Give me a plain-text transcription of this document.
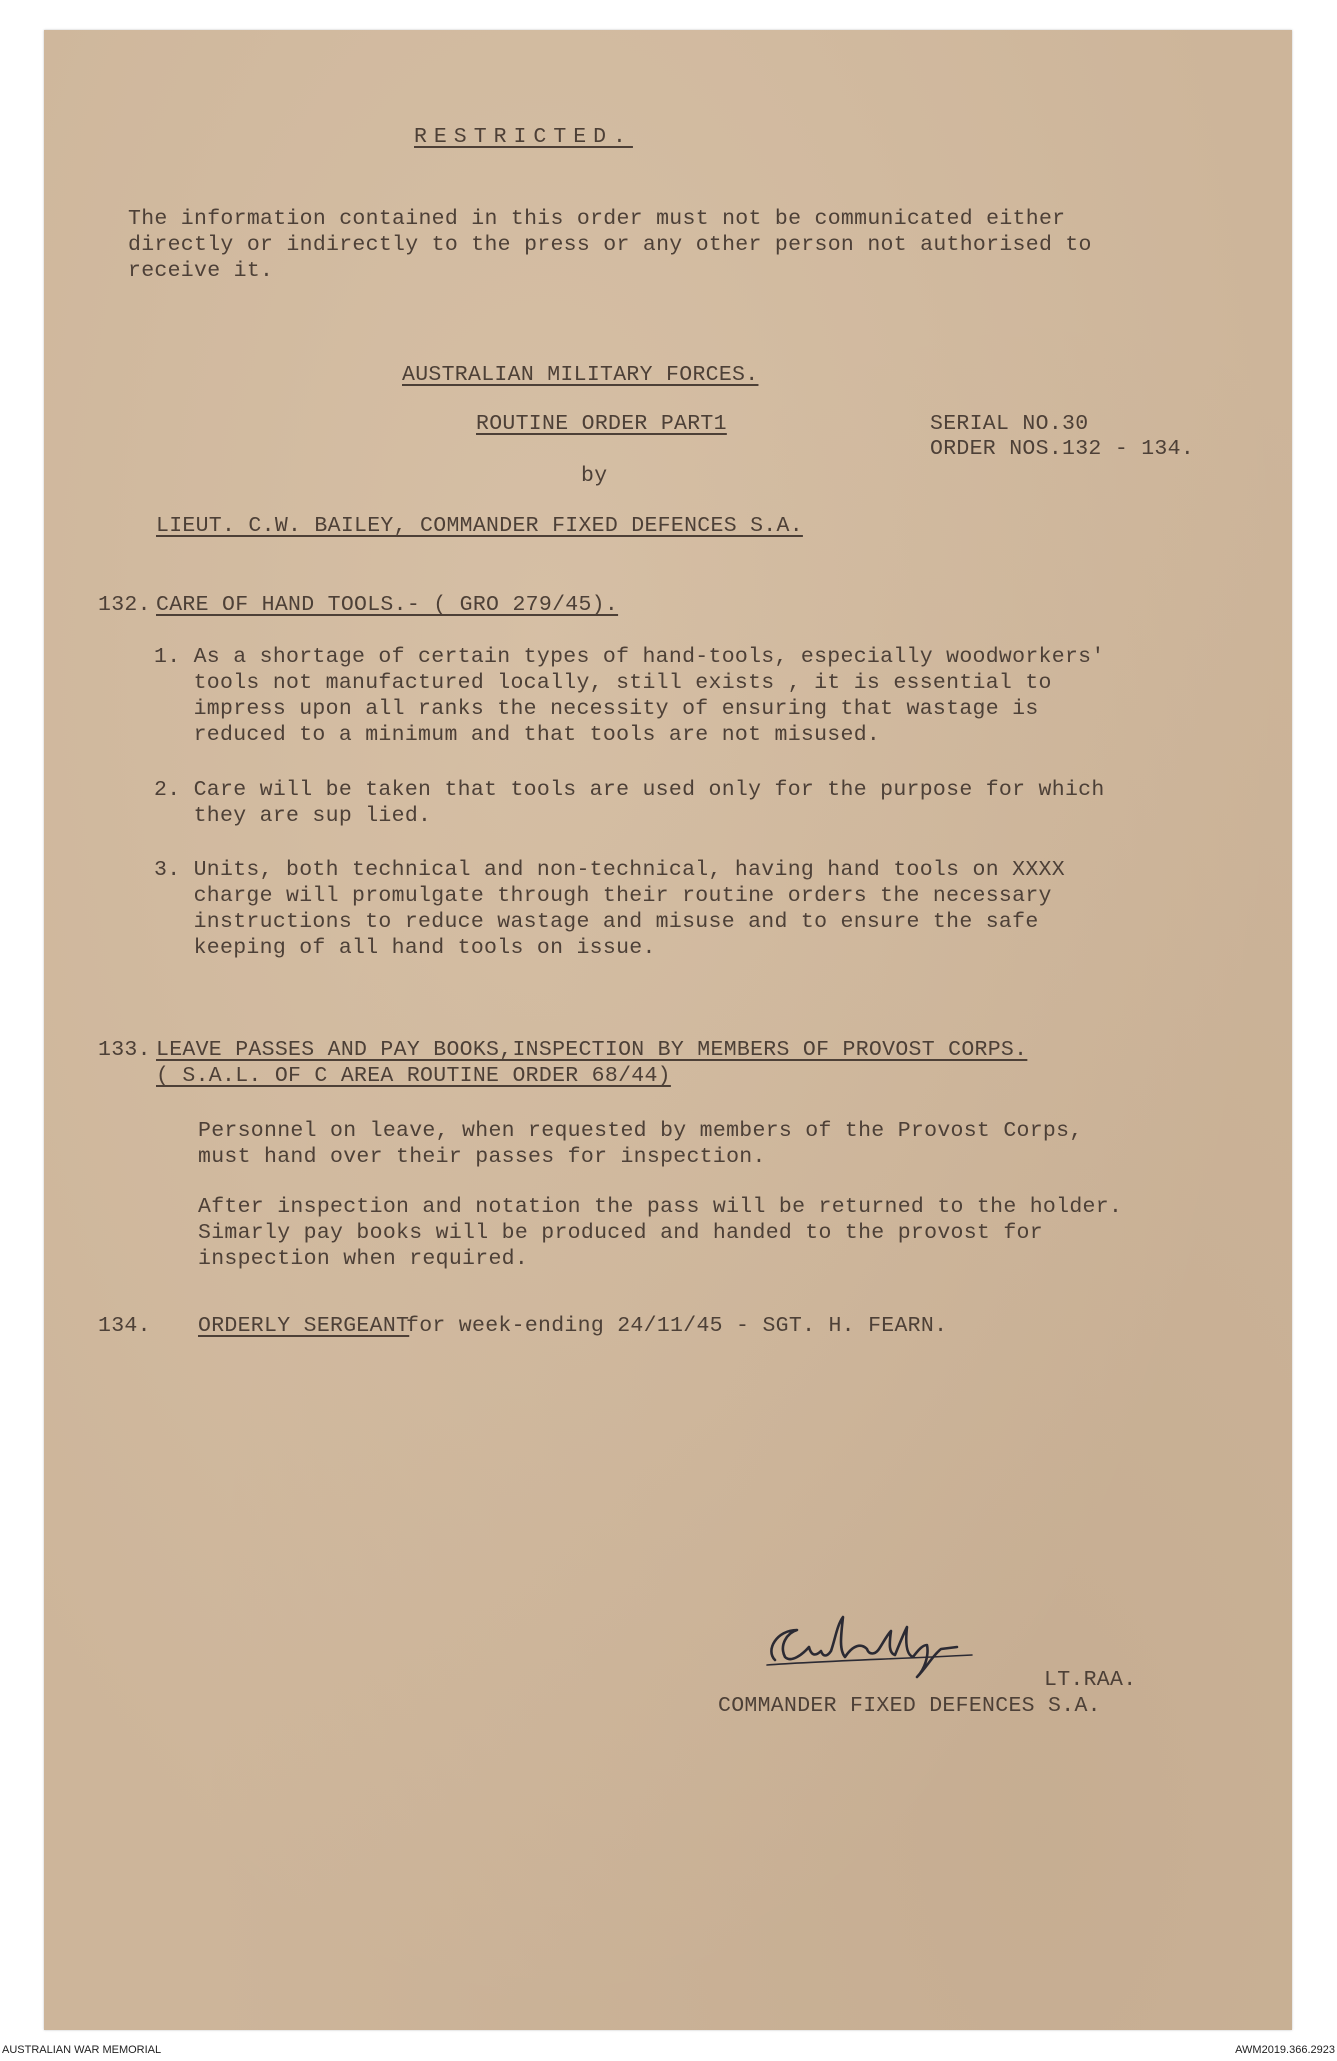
RESTRICTED.
The information contained in this order must not be communicated either
directly or indirectly to the press or any other person not authorised to
receive it.
AUSTRALIAN MILITARY FORCES.
ROUTINE ORDER PART1	SERIAL NO.30
ORDER NOS.132 - 134.
by
LIEUT. C.W. BAILEY, COMMANDER FIXED DEFENCES S.A.
132. CARE OF HAND TOOLS.- ( GRO 279/45).
1. As a shortage of certain types of hand-tools, especially woodworkers'
tools not manufactured locally, still exists , it is essential to
impress upon all ranks the necessity of ensuring that wastage is
reduced to a minimum and that tools are not misused.
2. Care will be taken that tools are used only for the purpose for which
they are sup lied.
3. Units, both technical and non-technical, having hand tools on XXXX
charge will promulgate through their routine orders the necessary
instructions to reduce wastage and misuse and to ensure the safe
keeping of all hand tools on issue.
133. LEAVE PASSES AND PAY BOOKS,INSPECTION BY MEMBERS OF PROVOST CORPS.
( S.A.L. OF C AREA ROUTINE ORDER 68/44)
Personnel on leave, when requested by members of the Provost Corps,
must hand over their passes for inspection.
After inspection and notation the pass will be returned to the holder.
Simarly pay books will be produced and handed to the provost for
inspection when required.
134. ORDERLY SERGEANT
for week-ending 24/11/45 - SGT. H. FEARN.
LT.RAA.
COMMANDER FIXED DEFENCES S.A.
AUSTRALIAN WAR MEMORIAL	AWM2019.366.2923
